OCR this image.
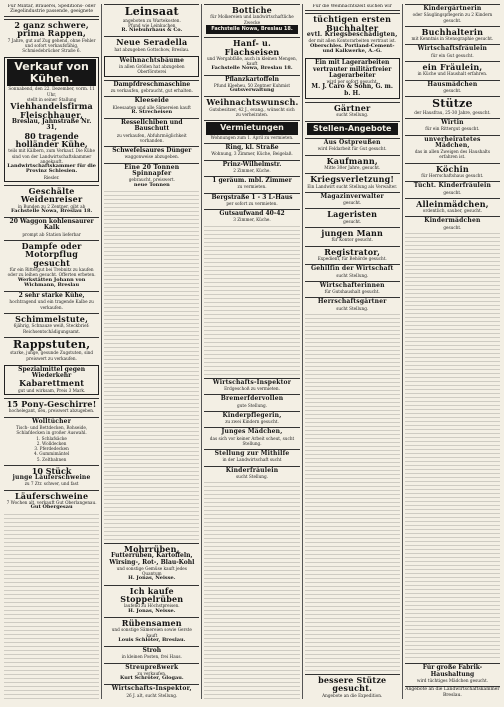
Für Militär, Brauerei, Speditions- oder Ziegelindustrie passende, geeignete
2 ganz schwere, prima Rappen,
7 Jahre, gut auf Zug gehend, ohne Fehler und sofort verkaufsfähig, Schmiedebrücker Straße 6.
Verkauf von Kühen.
Sonnabend, den 22. Dezember, vorm. 11 Uhr,
stellt in seiner Stallung
Viehhandelsfirma Fleischhauer,
Breslau, Jahnstraße Nr. 31,
80 tragende holländer Kühe,
teils mit Kälbern, zum Verkauf. Die Kühe sind von der Landwirtschaftskammer angekauft.
Landwirtschaftskammer für die Provinz Schlesien.
Riesler.
Geschälte Weidenreiser
in Bunden zu 2 Zentner, gibt ab
Fachstelle Nowa, Breslau 18.
20 Waggon kohlensaurer Kalk
prompt ab Station lieferbar
Dampfe oder Motorpflug gesucht
für ein Rittergut bei Trebnitz zu kaufen oder zu leihen gesucht. Offerten erbeten.
Werkstätten Johann von Wichmann, Breslau
2 sehr starke Kühe,
hochtragend und ein tragende Kalbe zu verkaufen.
Schimmelstute,
6jährig, Schnauze weiß, Steckbrief: Reichsentschädigungsamt.
Rappstuten,
starke, junge, gesunde Zugstuten, sind preiswert zu verkaufen.
Spezialmittel gegen Wiederkehr
Kabarettment
gut und wirksam, Preis 3 Mark.
15 Pony-Geschirre!
hochelegant, neu, preiswert abzugeben.
Wolltücher
Tisch- und Bettdecken, Rohseide, Schlafdecken in großer Auswahl.
1. Schlafsäcke
2. Wolldecken
3. Pferdedecken
4. Gummimäntel
5. Zeltbahnen
10 Stück
junge Läuferschweine
zu 7 Ztr. schwer, und fast
Läuferschweine
7 Wochen alt, verkauft Gut Oberlangenau.
Gut Obergesau
Leinsaat
angeboten zu Wartekosten.
Pfund wie Leinkuchen
R. Niebuhrhaus & Co.
Neue Seradella
hat abzugeben Gottschow, Breslau.
Weihnachtsbäume
in allen Größen hat abzugeben Oberförsterei
Dampfdreschmaschine
zu verkaufen, gebraucht, gut erhalten.
Kleeseide
Kleesaaten und alle Sämereien kauft
R. Strecheisen
Ressellchiben und Bauschutt
zu verkaufen, Abfuhrmöglichkeit vorhanden.
Schwefelsaures Dünger
waggonweise abzugeben.
Eine 20 Tonnen Spinnapfer
gebraucht, preiswert.
neue Tonnen
Mohrrüben,
Futterrüben, Kartoffeln, Wirsing-, Rot-, Blau-Kohl
und sonstige Gemüse kauft jedes Quantum
H. Jonas, Neisse.
Ich kaufe Stoppelrüben
laufend zu Höchstpreisen.
H. Jonas, Neisse.
Rübensamen
und sonstige Sämereien sowie Gerste kauft
Louis Schlöter, Breslau.
Stroh
in kleinen Posten, frei Haus.
Streupreßwerk
zu verkaufen.
Kurt Schröter, Glogau.
Wirtschafts-Inspektor,
26 J. alt, sucht Stellung.
Bottiche
für Molkereien und landwirtschaftliche Zwecke
Fachstelle Nowa, Breslau 18.
Hanf- u. Flachseisen
und Wergabfälle, auch in kleinen Mengen, kauft
Fachstelle Nowa, Breslau 18.
Pflanzkartoffeln
Pfund Kleeheu, 50 Zentner Kuhmist
Gutsverwaltung
Weihnachtswunsch.
Gutsbesitzer, 42 J., evang., wünscht sich zu verheiraten.
Vermietungen
Wohnungen zum 1. April zu vermieten.
Ring, kl. Straße
Wohnung, 3 Zimmer, Küche, Beigelaß.
Prinz-Wilhelmstr.
2 Zimmer, Küche.
1 geräum. mbl. Zimmer
zu vermieten.
Bergstraße 1 - 3 L-Haus
per sofort zu vermieten.
Gutsaufwand 40-42
3 Zimmer, Küche.
Wirtschafts-Inspektor
Erdgeschoß zu vermieten.
Bremerfdervollen
gute Stellung.
Kinderpflegerin,
zu zwei Kindern gesucht.
Junges Mädchen,
das sich vor keiner Arbeit scheut, sucht Stellung.
Stellung zur Mithilfe
in der Landwirtschaft sucht
Kinderfräulein
sucht Stellung.
Für die Weihnachtszeit suchen wir
tüchtigen ersten Buchhalter
evtl. Kriegsbeschädigten,
der mit allen Kontorarbeiten vertraut ist.
Oberschles. Portland-Cement- und Kalkwerke, A.-G.
Ein mit Lagerarbeiten vertrauter militärfreier Lagerarbeiter
wird per sofort gesucht.
M. J. Caro & Sohn, G. m. b. H.
Gärtner
sucht Stellung.
Stellen-Angebote
Aus Ostpreußen
wird Feldarbeit für Gut gesucht.
Kaufmann,
Mitte 30er Jahre, gesucht.
Kriegsverletzung!
Ein Landwirt sucht Stellung als Verwalter.
Magazinverwalter
gesucht.
Lageristen
gesucht.
jungen Mann
für Kontor gesucht.
Registrator,
Expedient, für Behörde gesucht.
Gehilfin der Wirtschaft
sucht Stellung.
Wirtschafterinnen
für Gutshaushalt gesucht.
Herrschaftsgärtner
sucht Stellung.
bessere Stütze gesucht.
Angebote an die Expedition.
Kindergärtnerin
oder Säuglingspflegerin zu 2 Kindern gesucht.
Buchhalterin
mit Kenntnis in Stenographie gesucht.
Wirtschaftsfräulein
für ein Gut gesucht.
ein Fräulein,
in Küche und Haushalt erfahren.
Hausmädchen
gesucht.
Stütze
der Hausfrau, 25-30 Jahre, gesucht.
Wirtin
für ein Rittergut gesucht.
unverheiratetes Mädchen,
das in allen Zweigen des Haushalts erfahren ist.
Köchin
für Herrschaftshaus gesucht.
Tücht. Kinderfräulein
gesucht.
Alleinmädchen,
ordentlich, sauber, gesucht.
Kindermädchen
gesucht.
Für große Fabrik-Haushaltung
wird tüchtiges Mädchen gesucht.
Angebote an die Landwirtschaftskammer Breslau.
